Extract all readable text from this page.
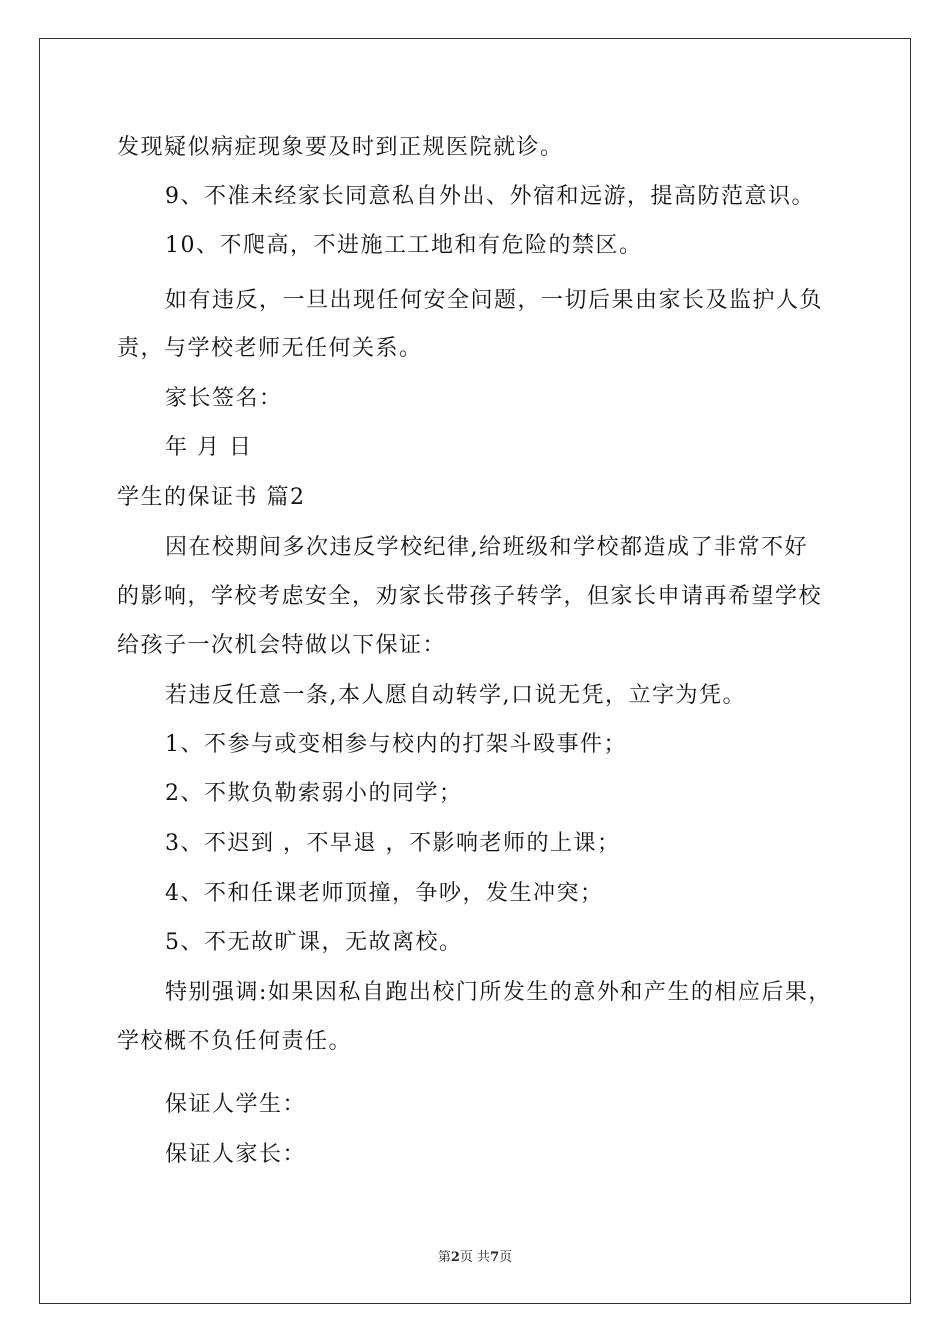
发现疑似病症现象要及时到正规医院就诊。
9、不准未经家长同意私自外出、外宿和远游，提高防范意识。
10、不爬高，不进施工工地和有危险的禁区。
如有违反，一旦出现任何安全问题，一切后果由家长及监护人负
责，与学校老师无任何关系。
家长签名：
年 月 日
学生的保证书 篇2
因在校期间多次违反学校纪律,给班级和学校都造成了非常不好
的影响，学校考虑安全，劝家长带孩子转学，但家长申请再希望学校
给孩子一次机会特做以下保证：
若违反任意一条,本人愿自动转学,口说无凭，立字为凭。
1、不参与或变相参与校内的打架斗殴事件；
2、不欺负勒索弱小的同学；
3、不迟到 ，不早退 ，不影响老师的上课；
4、不和任课老师顶撞，争吵，发生冲突；
5、不无故旷课，无故离校。
特别强调:如果因私自跑出校门所发生的意外和产生的相应后果，
学校概不负任何责任。
保证人学生：
保证人家长：
第2页 共7页
